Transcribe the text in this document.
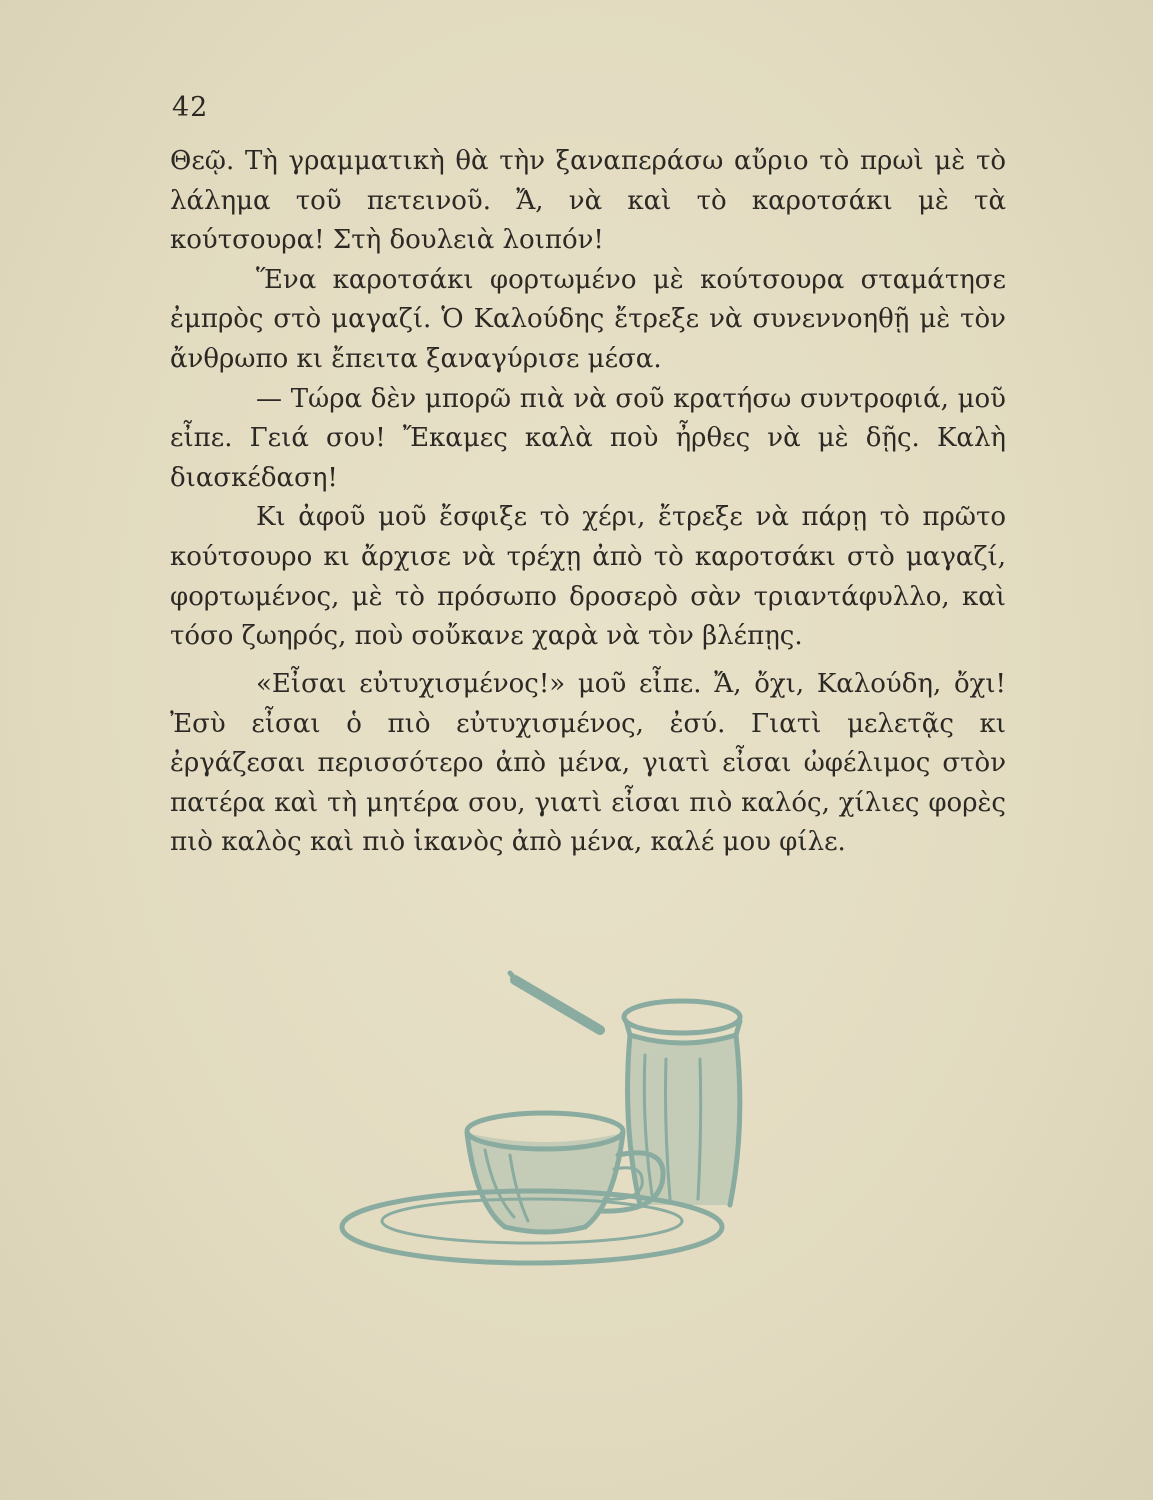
42

Θεῷ. Τὴ γραμματικὴ θὰ τὴν ξαναπεράσω αὔριο τὸ πρωὶ μὲ τὸ λάλημα τοῦ πετεινοῦ. Ἄ, νὰ καὶ τὸ καροτσάκι μὲ τὰ κούτσουρα! Στὴ δουλειὰ λοιπόν!

Ἕνα καροτσάκι φορτωμένο μὲ κούτσουρα σταμάτησε ἐμπρὸς στὸ μαγαζί. Ὁ Καλούδης ἔτρεξε νὰ συνεννοηθῇ μὲ τὸν ἄνθρωπο κι ἔπειτα ξαναγύρισε μέσα.

— Τώρα δὲν μπορῶ πιὰ νὰ σοῦ κρατήσω συντροφιά, μοῦ εἶπε. Γειά σου! Ἔκαμες καλὰ ποὺ ἦρθες νὰ μὲ δῇς. Καλὴ διασκέδαση!

Κι ἀφοῦ μοῦ ἔσφιξε τὸ χέρι, ἔτρεξε νὰ πάρῃ τὸ πρῶτο κούτσουρο κι ἄρχισε νὰ τρέχῃ ἀπὸ τὸ καροτσάκι στὸ μαγαζί, φορτωμένος, μὲ τὸ πρόσωπο δροσερὸ σὰν τριαντάφυλλο, καὶ τόσο ζωηρός, ποὺ σοὔκανε χαρὰ νὰ τὸν βλέπῃς.

«Εἶσαι εὐτυχισμένος!» μοῦ εἶπε. Ἄ, ὄχι, Καλούδη, ὄχι! Ἐσὺ εἶσαι ὁ πιὸ εὐτυχισμένος, ἐσύ. Γιατὶ μελετᾷς κι ἐργάζεσαι περισσότερο ἀπὸ μένα, γιατὶ εἶσαι ὠφέλιμος στὸν πατέρα καὶ τὴ μητέρα σου, γιατὶ εἶσαι πιὸ καλός, χίλιες φορὲς πιὸ καλὸς καὶ πιὸ ἱκανὸς ἀπὸ μένα, καλέ μου φίλε.
